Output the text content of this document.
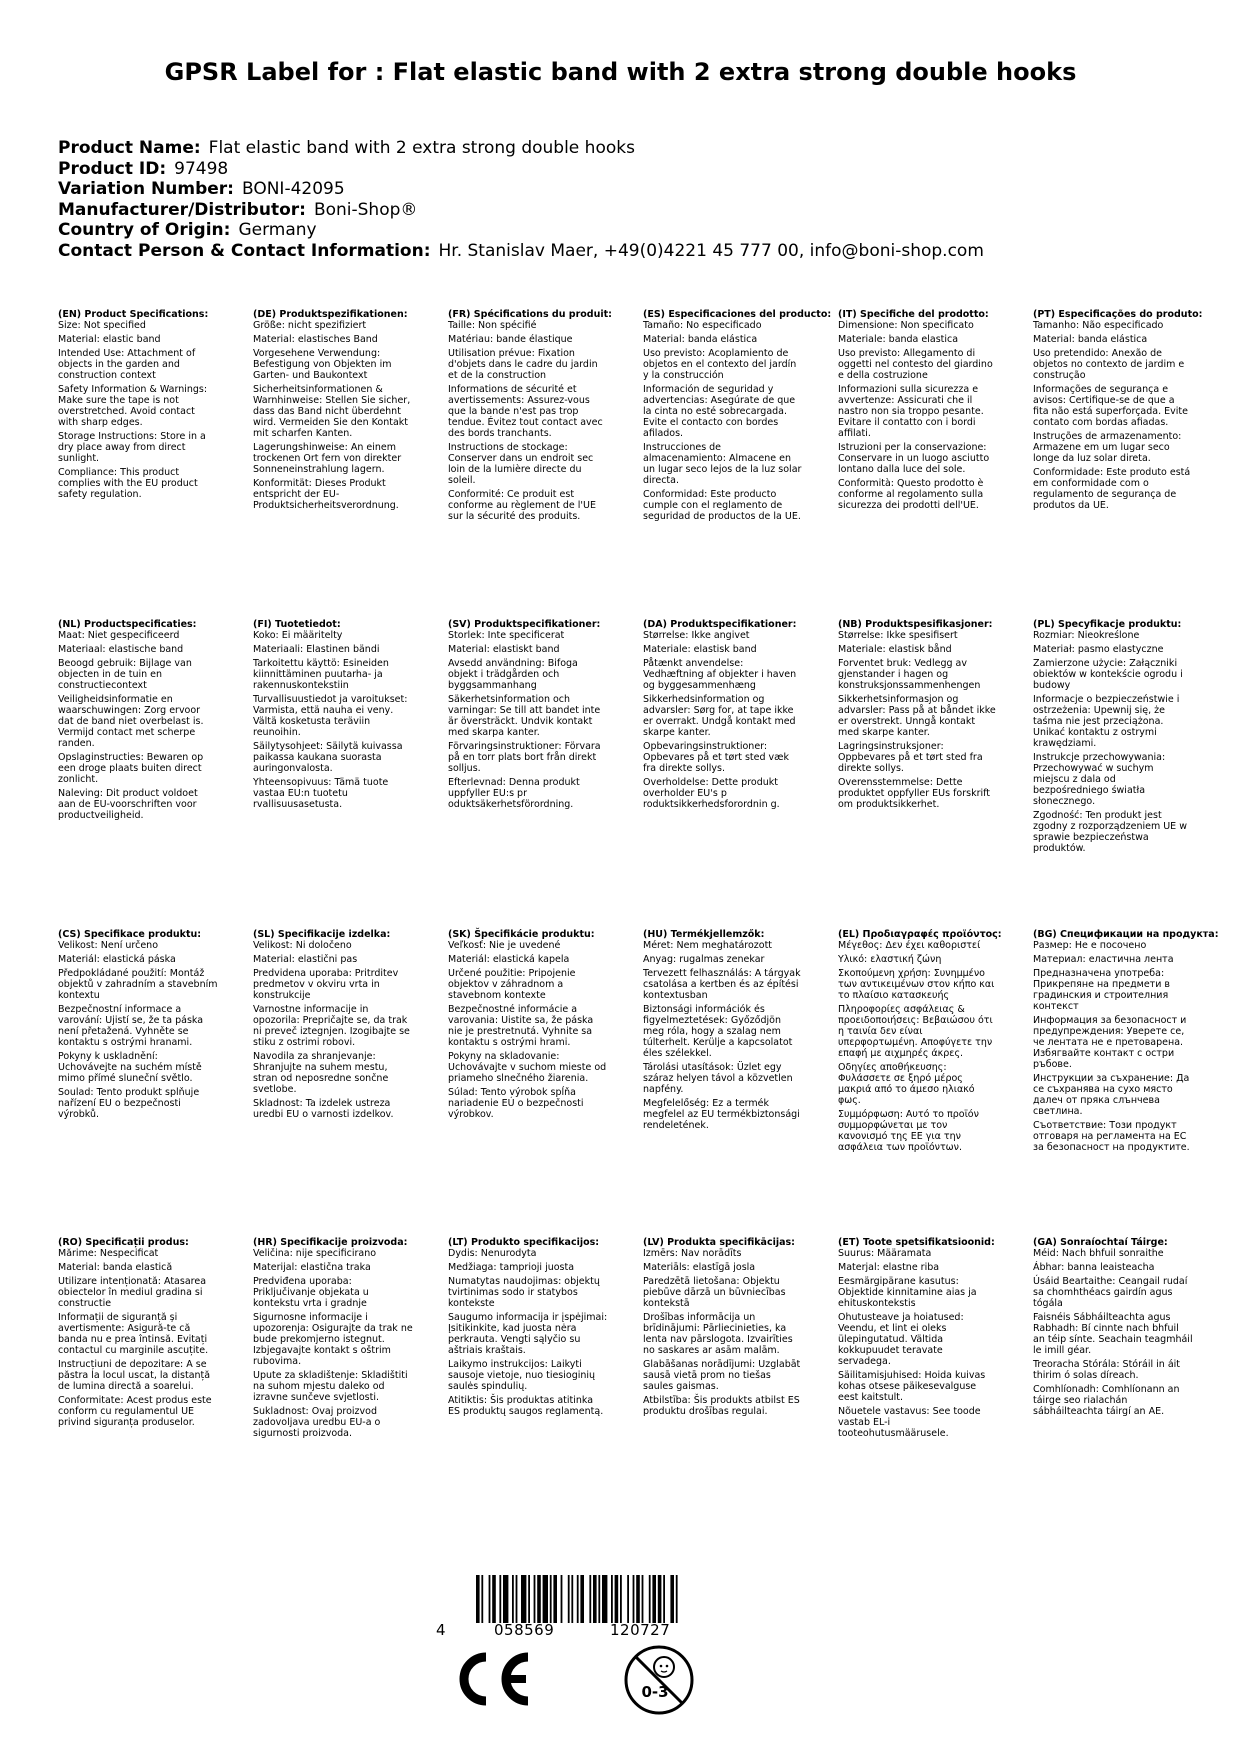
GPSR Label for : Flat elastic band with 2 extra strong double hooks
Product Name: Flat elastic band with 2 extra strong double hooks
Product ID: 97498
Variation Number: BONI-42095
Manufacturer/Distributor: Boni-Shop®
Country of Origin: Germany
Contact Person & Contact Information: Hr. Stanislav Maer, +49(0)4221 45 777 00, info@boni-shop.com
(EN) Product Specifications:
Size: Not specified
Material: elastic band
Intended Use: Attachment of objects in the garden and construction context
Safety Information & Warnings: Make sure the tape is not overstretched. Avoid contact with sharp edges.
Storage Instructions: Store in a dry place away from direct sunlight.
Compliance: This product complies with the EU product safety regulation.
(DE) Produktspezifikationen:
Größe: nicht spezifiziert
Material: elastisches Band
Vorgesehene Verwendung: Befestigung von Objekten im Garten- und Baukontext
Sicherheitsinformationen & Warnhinweise: Stellen Sie sicher, dass das Band nicht überdehnt wird. Vermeiden Sie den Kontakt mit scharfen Kanten.
Lagerungshinweise: An einem trockenen Ort fern von direkter Sonneneinstrahlung lagern.
Konformität: Dieses Produkt entspricht der EU-Produktsicherheitsverordnung.
(FR) Spécifications du produit:
Taille: Non spécifié
Matériau: bande élastique
Utilisation prévue: Fixation d'objets dans le cadre du jardin et de la construction
Informations de sécurité et avertissements: Assurez-vous que la bande n'est pas trop tendue. Évitez tout contact avec des bords tranchants.
Instructions de stockage: Conserver dans un endroit sec loin de la lumière directe du soleil.
Conformité: Ce produit est conforme au règlement de l'UE sur la sécurité des produits.
(ES) Especificaciones del producto:
Tamaño: No especificado
Material: banda elástica
Uso previsto: Acoplamiento de objetos en el contexto del jardín y la construcción
Información de seguridad y advertencias: Asegúrate de que la cinta no esté sobrecargada. Evite el contacto con bordes afilados.
Instrucciones de almacenamiento: Almacene en un lugar seco lejos de la luz solar directa.
Conformidad: Este producto cumple con el reglamento de seguridad de productos de la UE.
(IT) Specifiche del prodotto:
Dimensione: Non specificato
Materiale: banda elastica
Uso previsto: Allegamento di oggetti nel contesto del giardino e della costruzione
Informazioni sulla sicurezza e avvertenze: Assicurati che il nastro non sia troppo pesante. Evitare il contatto con i bordi affilati.
Istruzioni per la conservazione: Conservare in un luogo asciutto lontano dalla luce del sole.
Conformità: Questo prodotto è conforme al regolamento sulla sicurezza dei prodotti dell'UE.
(PT) Especificações do produto:
Tamanho: Não especificado
Material: banda elástica
Uso pretendido: Anexão de objetos no contexto de jardim e construção
Informações de segurança e avisos: Certifique-se de que a fita não está superforçada. Evite contato com bordas afiadas.
Instruções de armazenamento: Armazene em um lugar seco longe da luz solar direta.
Conformidade: Este produto está em conformidade com o regulamento de segurança de produtos da UE.
(NL) Productspecificaties:
Maat: Niet gespecificeerd
Materiaal: elastische band
Beoogd gebruik: Bijlage van objecten in de tuin en constructiecontext
Veiligheidsinformatie en waarschuwingen: Zorg ervoor dat de band niet overbelast is. Vermijd contact met scherpe randen.
Opslaginstructies: Bewaren op een droge plaats buiten direct zonlicht.
Naleving: Dit product voldoet aan de EU-voorschriften voor productveiligheid.
(FI) Tuotetiedot:
Koko: Ei määritelty
Materiaali: Elastinen bändi
Tarkoitettu käyttö: Esineiden kiinnittäminen puutarha- ja rakennuskontekstiin
Turvallisuustiedot ja varoitukset: Varmista, että nauha ei venу. Vältä kosketusta teräviin reunoihin.
Säilytysohjeet: Säilytä kuivassa paikassa kaukana suorasta auringonvalosta.
Yhteensopivuus: Tämä tuote vastaa EU:n tuotetu rvallisuusasetusta.
(SV) Produktspecifikationer:
Storlek: Inte specificerat
Material: elastiskt band
Avsedd användning: Bifoga objekt i trädgården och byggsammanhang
Säkerhetsinformation och varningar: Se till att bandet inte är översträckt. Undvik kontakt med skarpa kanter.
Förvaringsinstruktioner: Förvara på en torr plats bort från direkt solljus.
Efterlevnad: Denna produkt uppfyller EU:s pr oduktsäkerhetsförordning.
(DA) Produktspecifikationer:
Størrelse: Ikke angivet
Materiale: elastisk band
Påtænkt anvendelse: Vedhæftning af objekter i haven og byggesammenhæng
Sikkerhedsinformation og advarsler: Sørg for, at tape ikke er overrakt. Undgå kontakt med skarpe kanter.
Opbevaringsinstruktioner: Opbevares på et tørt sted væk fra direkte sollys.
Overholdelse: Dette produkt overholder EU's p roduktsikkerhedsforordnin g.
(NB) Produktspesifikasjoner:
Størrelse: Ikke spesifisert
Materiale: elastisk bånd
Forventet bruk: Vedlegg av gjenstander i hagen og konstruksjonssammenhengen
Sikkerhetsinformasjon og advarsler: Pass på at båndet ikke er overstrekt. Unngå kontakt med skarpe kanter.
Lagringsinstruksjoner: Oppbevares på et tørt sted fra direkte sollys.
Overensstemmelse: Dette produktet oppfyller EUs forskrift om produktsikkerhet.
(PL) Specyfikacje produktu:
Rozmiar: Nieokreślone
Materiał: pasmo elastyczne
Zamierzone użycie: Załączniki obiektów w kontekście ogrodu i budowy
Informacje o bezpieczeństwie i ostrzeżenia: Upewnij się, że taśma nie jest przeciążona. Unikać kontaktu z ostrymi krawędziami.
Instrukcje przechowywania: Przechowywać w suchym miejscu z dala od bezpośredniego światła słonecznego.
Zgodność: Ten produkt jest zgodny z rozporządzeniem UE w sprawie bezpieczeństwa produktów.
(CS) Specifikace produktu:
Velikost: Není určeno
Materiál: elastická páska
Předpokládané použití: Montáž objektů v zahradním a stavebním kontextu
Bezpečnostní informace a varování: Ujistí se, že ta páska není přetažená. Vyhněte se kontaktu s ostrými hranami.
Pokyny k uskladnění: Uchovávejte na suchém místě mimo přímé sluneční světlo.
Soulad: Tento produkt splňuje nařízení EU o bezpečnosti výrobků.
(SL) Specifikacije izdelka:
Velikost: Ni določeno
Material: elastični pas
Predvidena uporaba: Pritrditev predmetov v okviru vrta in konstrukcije
Varnostne informacije in opozorila: Prepričajte se, da trak ni preveč iztegnjen. Izogibajte se stiku z ostrimi robovi.
Navodila za shranjevanje: Shranjujte na suhem mestu, stran od neposredne sončne svetlobe.
Skladnost: Ta izdelek ustreza uredbi EU o varnosti izdelkov.
(SK) Špecifikácie produktu:
Veľkosť: Nie je uvedené
Materiál: elastická kapela
Určené použitie: Pripojenie objektov v záhradnom a stavebnom kontexte
Bezpečnostné informácie a varovania: Uistite sa, že páska nie je prestretnutá. Vyhnite sa kontaktu s ostrými hrami.
Pokyny na skladovanie: Uchovávajte v suchom mieste od priameho slnečného žiarenia.
Súlad: Tento výrobok spĺňa nariadenie EÚ o bezpečnosti výrobkov.
(HU) Termékjellemzők:
Méret: Nem meghatározott
Anyag: rugalmas zenekar
Tervezett felhasználás: A tárgyak csatolása a kertben és az építési kontextusban
Biztonsági információk és figyelmeztetések: Győződjön meg róla, hogy a szalag nem túlterhelt. Kerülje a kapcsolatot éles szélekkel.
Tárolási utasítások: Üzlet egy száraz helyen távol a közvetlen napfény.
Megfelelőség: Ez a termék megfelel az EU termékbiztonsági rendeletének.
(EL) Προδιαγραφές προϊόντος:
Μέγεθος: Δεν έχει καθοριστεί
Υλικό: ελαστική ζώνη
Σκοπούμενη χρήση: Συνημμένο των αντικειμένων στον κήπο και το πλαίσιο κατασκευής
Πληροφορίες ασφάλειας & προειδοποιήσεις: Βεβαιώσου ότι η ταινία δεν είναι υπερφορτωμένη. Αποφύγετε την επαφή με αιχμηρές άκρες.
Οδηγίες αποθήκευσης: Φυλάσσετε σε ξηρό μέρος μακριά από το άμεσο ηλιακό φως.
Συμμόρφωση: Αυτό το προϊόν συμμορφώνεται με τον κανονισμό της ΕΕ για την ασφάλεια των προϊόντων.
(BG) Спецификации на продукта:
Размер: Не е посочено
Материал: еластична лента
Предназначена употреба: Прикрепяне на предмети в градинския и строителния контекст
Информация за безопасност и предупреждения: Уверете се, че лентата не е претоварена. Избягвайте контакт с остри ръбове.
Инструкции за съхранение: Да се съхранява на сухо място далеч от пряка слънчева светлина.
Съответствие: Този продукт отговаря на регламента на ЕС за безопасност на продуктите.
(RO) Specificații produs:
Mărime: Nespecificat
Material: banda elastică
Utilizare intenționată: Atasarea obiectelor în mediul gradina si constructie
Informații de siguranță și avertismente: Asigură-te că banda nu e prea întinsă. Evitați contactul cu marginile ascuțite.
Instrucțiuni de depozitare: A se păstra la locul uscat, la distanță de lumina directă a soarelui.
Conformitate: Acest produs este conform cu regulamentul UE privind siguranța produselor.
(HR) Specifikacije proizvoda:
Veličina: nije specificirano
Materijal: elastična traka
Predviđena uporaba: Priključivanje objekata u kontekstu vrta i gradnje
Sigurnosne informacije i upozorenja: Osigurajte da trak ne bude prekomjerno istegnut. Izbjegavajte kontakt s oštrim rubovima.
Upute za skladištenje: Skladištiti na suhom mjestu daleko od izravne sunčeve svjetlosti.
Sukladnost: Ovaj proizvod zadovoljava uredbu EU-a o sigurnosti proizvoda.
(LT) Produkto specifikacijos:
Dydis: Nenurodyta
Medžiaga: tamprioji juosta
Numatytas naudojimas: objektų tvirtinimas sodo ir statybos kontekste
Saugumo informacija ir įspėjimai: Įsitikinkite, kad juosta nėra perkrauta. Vengti sąlyčio su aštriais kraštais.
Laikymo instrukcijos: Laikyti sausoje vietoje, nuo tiesioginių saulės spindulių.
Atitiktis: Šis produktas atitinka ES produktų saugos reglamentą.
(LV) Produkta specifikācijas:
Izmērs: Nav norādīts
Materiāls: elastīgā josla
Paredzētā lietošana: Objektu piebūve dārzā un būvniecības kontekstā
Drošības informācija un brīdinājumi: Pārliecinieties, ka lenta nav pārslogota. Izvairīties no saskares ar asām malām.
Glabāšanas norādījumi: Uzglabāt sausā vietā prom no tiešas saules gaismas.
Atbilstība: Šis produkts atbilst ES produktu drošības regulai.
(ET) Toote spetsifikatsioonid:
Suurus: Määramata
Materjal: elastne riba
Eesmärgipärane kasutus: Objektide kinnitamine aias ja ehituskontekstis
Ohutusteave ja hoiatused: Veendu, et lint ei oleks ülepingutatud. Vältida kokkupuudet teravate servadega.
Säilitamisjuhised: Hoida kuivas kohas otsese päikesevalguse eest kaitstult.
Nõuetele vastavus: See toode vastab EL-i tooteohutusmäärusele.
(GA) Sonraíochtaí Táirge:
Méid: Nach bhfuil sonraithe
Ábhar: banna leaisteacha
Úsáid Beartaithe: Ceangail rudaí sa chomhthéacs gairdín agus tógála
Faisnéis Sábháilteachta agus Rabhadh: Bí cinnte nach bhfuil an téip sínte. Seachain teagmháil le imill géar.
Treoracha Stórála: Stóráil in áit thirim ó solas díreach.
Comhlíonadh: Comhlíonann an táirge seo rialachán sábháilteachta táirgí an AE.
4	058569	120727
0-3
